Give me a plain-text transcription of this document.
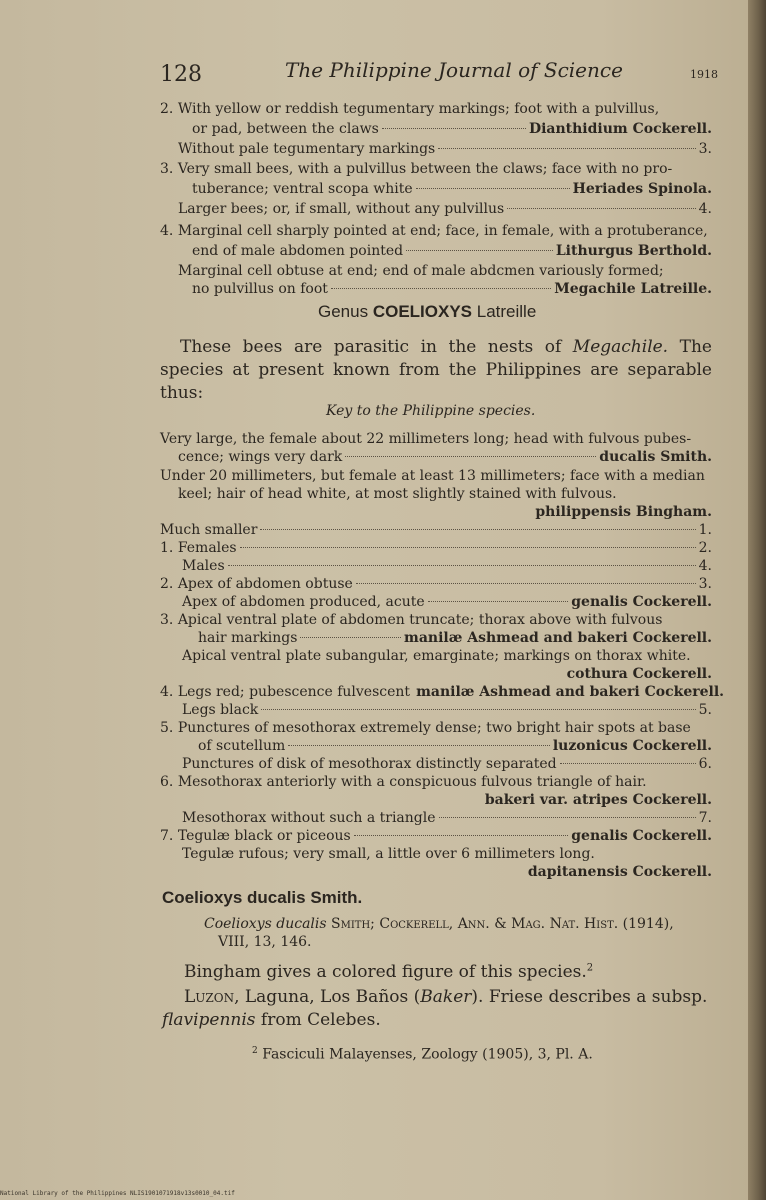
128	The Philippine Journal of Science	1918
2.
With yellow or reddish tegumentary markings; foot with a pulvillus,
or pad, between the claws	Dianthidium Cockerell.
Without pale tegumentary markings	3.
3.
Very small bees, with a pulvillus between the claws; face with no pro-
tuberance; ventral scopa white	Heriades Spinola.
Larger bees; or, if small, without any pulvillus	4.
4.
Marginal cell sharply pointed at end; face, in female, with a protuberance,
end of male abdomen pointed	Lithurgus Berthold.
Marginal cell obtuse at end; end of male abdcmen variously formed;
no pulvillus on foot	Megachile Latreille.
Genus COELIOXYS Latreille
These bees are parasitic in the nests of Megachile. The species at present known from the Philippines are separable thus:
Key to the Philippine species.
Very large, the female about 22 millimeters long; head with fulvous pubes-
cence; wings very dark	ducalis Smith.
Under 20 millimeters, but female at least 13 millimeters; face with a median
keel; hair of head white, at most slightly stained with fulvous.
philippensis Bingham.
Much smaller	1.
1.
Females	2.
Males	4.
2.
Apex of abdomen obtuse	3.
Apex of abdomen produced, acute	genalis Cockerell.
3.
Apical ventral plate of abdomen truncate; thorax above with fulvous
hair markings	manilæ Ashmead and bakeri Cockerell.
Apical ventral plate subangular, emarginate; markings on thorax white.
cothura Cockerell.
4.
Legs red; pubescence fulvescent manilæ Ashmead and bakeri Cockerell.
Legs black	5.
5.
Punctures of mesothorax extremely dense; two bright hair spots at base
of scutellum	luzonicus Cockerell.
Punctures of disk of mesothorax distinctly separated	6.
6.
Mesothorax anteriorly with a conspicuous fulvous triangle of hair.
bakeri var. atripes Cockerell.
Mesothorax without such a triangle	7.
7.
Tegulæ black or piceous	genalis Cockerell.
Tegulæ rufous; very small, a little over 6 millimeters long.
dapitanensis Cockerell.
Coelioxys ducalis Smith.
Coelioxys ducalis Smith; Cockerell, Ann. & Mag. Nat. Hist. (1914),
VIII, 13, 146.
Bingham gives a colored figure of this species.$^2$
Luzon, Laguna, Los Baños (Baker). Friese describes a subsp.
flavipennis from Celebes.
$^2$ Fasciculi Malayenses, Zoology (1905), 3, Pl. A.
National Library of the Philippines NLIS1901071918v13s0010_04.tif
